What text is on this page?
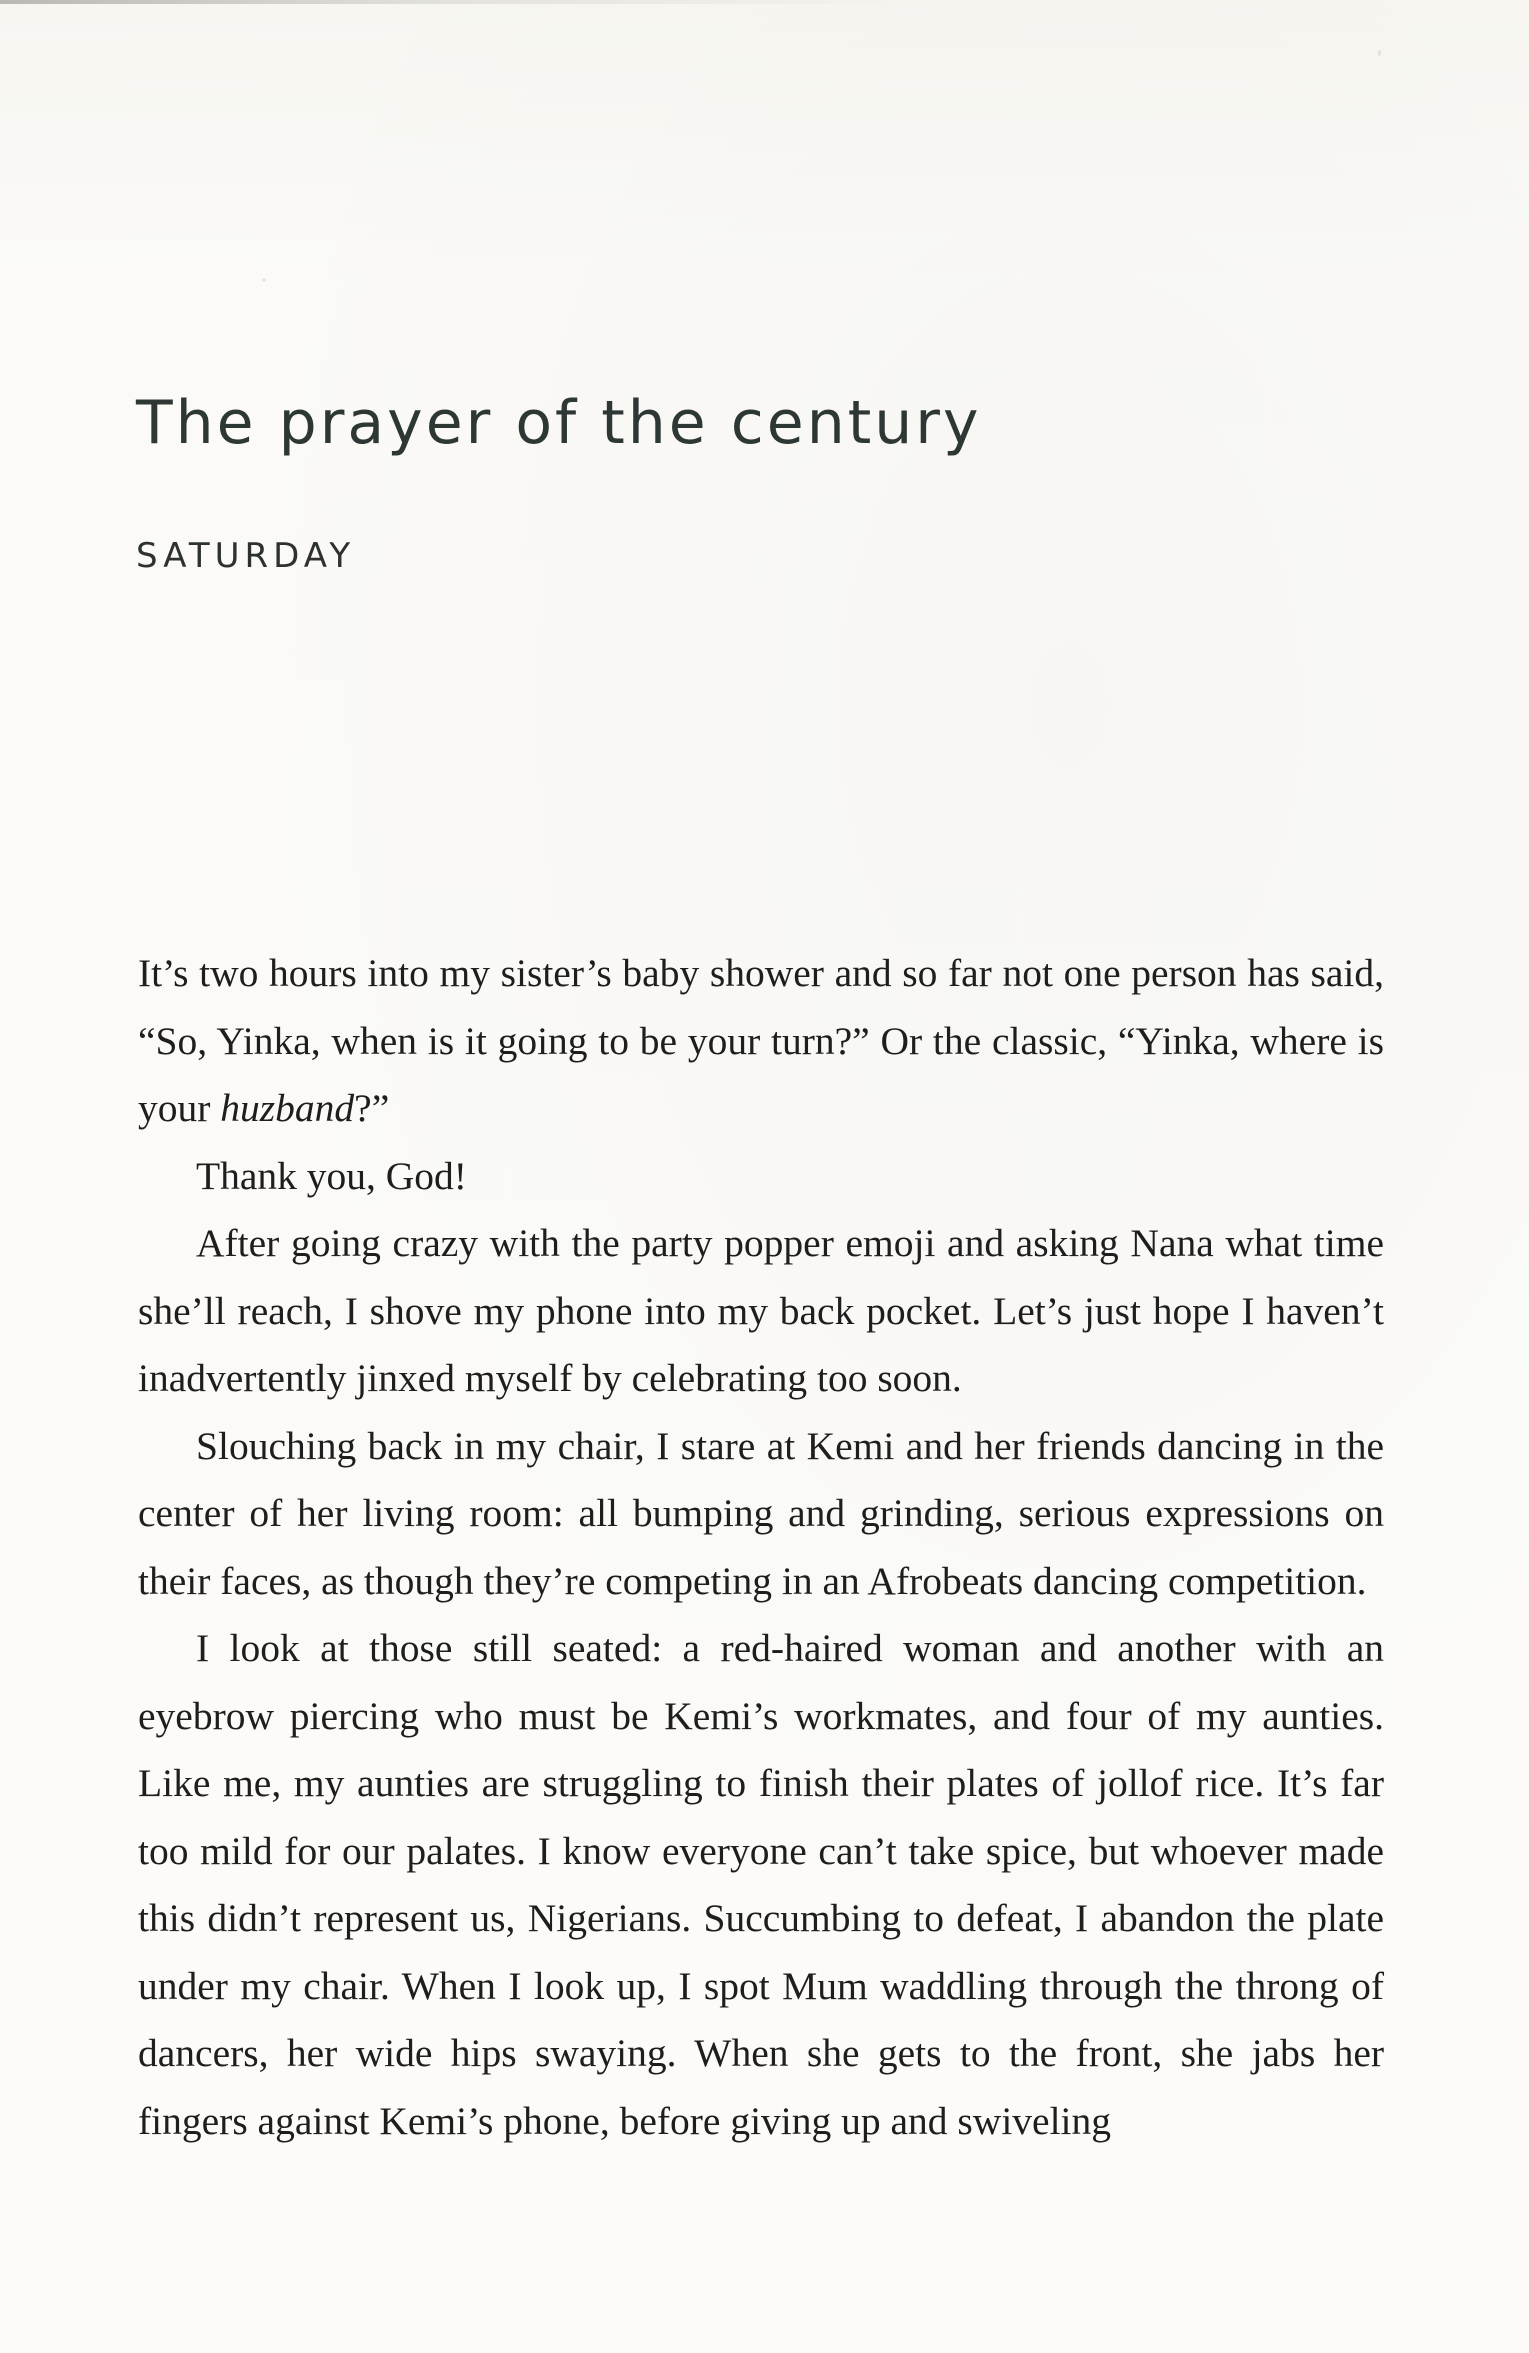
The prayer of the century
SATURDAY

It’s two hours into my sister’s baby shower and so far not one person has said, “So, Yinka, when is it going to be your turn?” Or the classic, “Yinka, where is your huzband?”

Thank you, God!

After going crazy with the party popper emoji and asking Nana what time she’ll reach, I shove my phone into my back pocket. Let’s just hope I haven’t inadvertently jinxed myself by celebrating too soon.

Slouching back in my chair, I stare at Kemi and her friends dancing in the center of her living room: all bumping and grinding, serious expressions on their faces, as though they’re competing in an Afrobeats dancing competition.

I look at those still seated: a red-haired woman and another with an eyebrow piercing who must be Kemi’s workmates, and four of my aunties. Like me, my aunties are struggling to finish their plates of jollof rice. It’s far too mild for our palates. I know everyone can’t take spice, but whoever made this didn’t represent us, Nigerians. Succumbing to defeat, I abandon the plate under my chair. When I look up, I spot Mum waddling through the throng of dancers, her wide hips swaying. When she gets to the front, she jabs her fingers against Kemi’s phone, before giving up and swiveling
